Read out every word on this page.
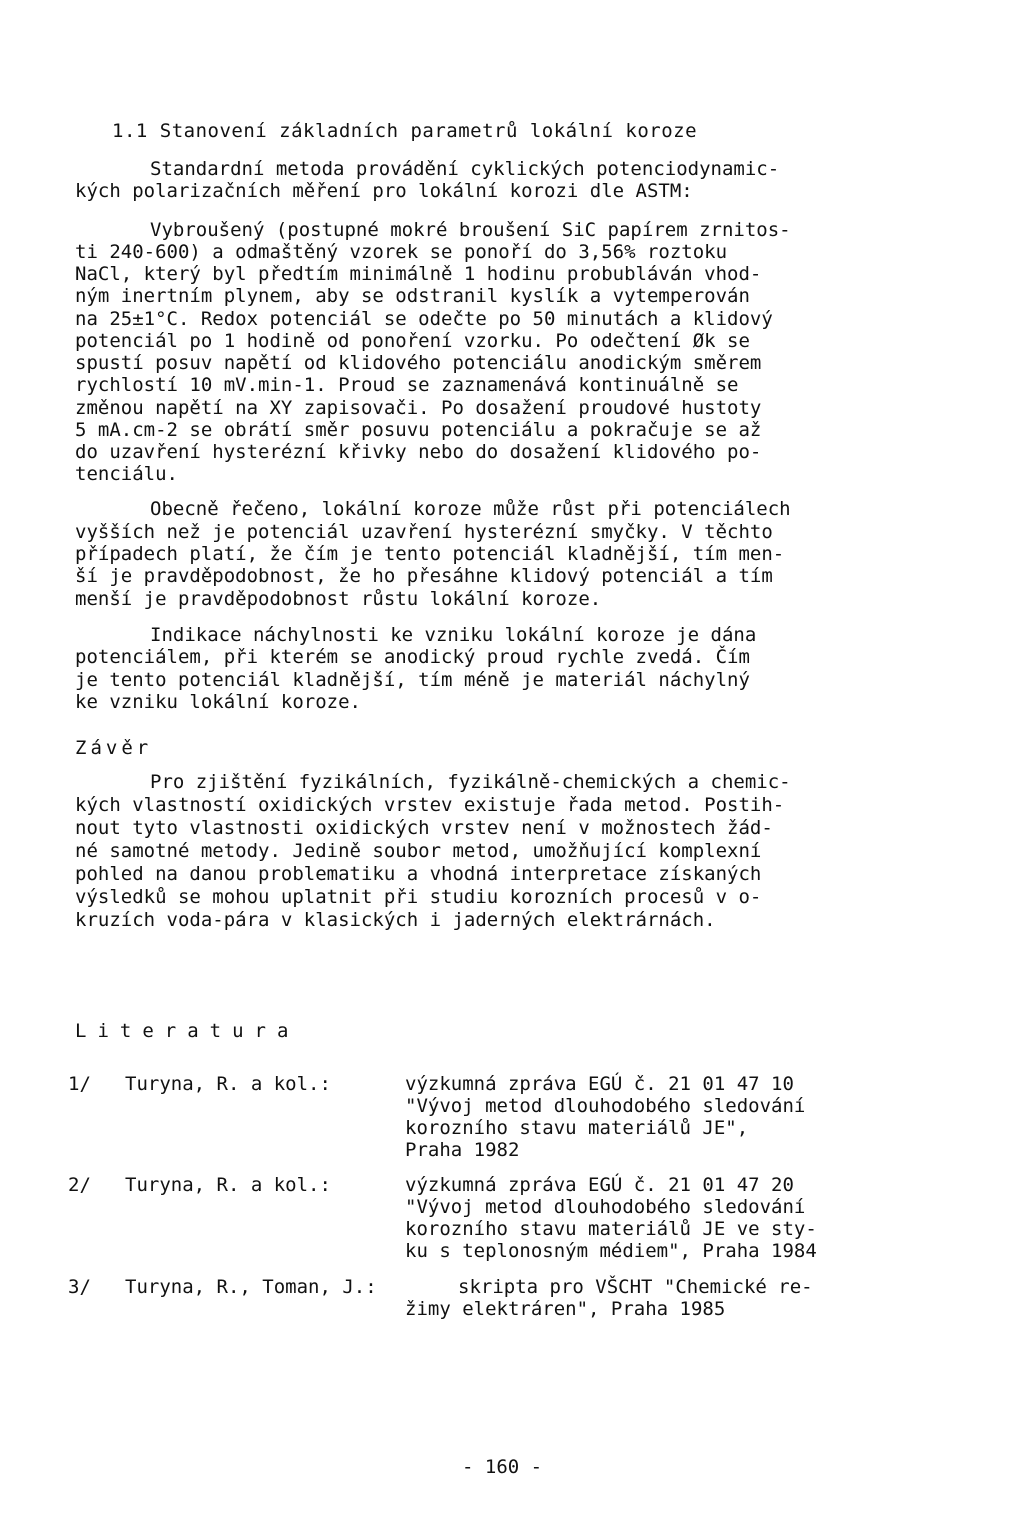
1.1 Stanovení základních parametrů lokální koroze
Standardní metoda provádění cyklických potenciodynamic-
kých polarizačních měření pro lokální korozi dle ASTM:
Vybroušený (postupné mokré broušení SiC papírem zrnitos-
ti 240-600) a odmaštěný vzorek se ponoří do 3,56% roztoku
NaCl, který byl předtím minimálně 1 hodinu probubláván vhod-
ným inertním plynem, aby se odstranil kyslík a vytemperován
na 25±1°C. Redox potenciál se odečte po 50 minutách a klidový
potenciál po 1 hodině od ponoření vzorku. Po odečtení Øk se
spustí posuv napětí od klidového potenciálu anodickým směrem
rychlostí 10 mV.min-1. Proud se zaznamenává kontinuálně se
změnou napětí na XY zapisovači. Po dosažení proudové hustoty
5 mA.cm-2 se obrátí směr posuvu potenciálu a pokračuje se až
do uzavření hysterézní křivky nebo do dosažení klidového po-
tenciálu.
Obecně řečeno, lokální koroze může růst při potenciálech
vyšších než je potenciál uzavření hysterézní smyčky. V těchto
případech platí, že čím je tento potenciál kladnější, tím men-
ší je pravděpodobnost, že ho přesáhne klidový potenciál a tím
menší je pravděpodobnost růstu lokální koroze.
Indikace náchylnosti ke vzniku lokální koroze je dána
potenciálem, při kterém se anodický proud rychle zvedá. Čím
je tento potenciál kladnější, tím méně je materiál náchylný
ke vzniku lokální koroze.
Závěr
Pro zjištění fyzikálních, fyzikálně-chemických a chemic-
kých vlastností oxidických vrstev existuje řada metod. Postih-
nout tyto vlastnosti oxidických vrstev není v možnostech žád-
né samotné metody. Jedině soubor metod, umožňující komplexní
pohled na danou problematiku a vhodná interpretace získaných
výsledků se mohou uplatnit při studiu korozních procesů v o-
kruzích voda-pára v klasických i jaderných elektrárnách.
Literatura
1/ Turyna, R. a kol.:	výzkumná zpráva EGÚ č. 21 01 47 10
"Vývoj metod dlouhodobého sledování
korozního stavu materiálů JE",
Praha 1982
2/ Turyna, R. a kol.:	výzkumná zpráva EGÚ č. 21 01 47 20
"Vývoj metod dlouhodobého sledování
korozního stavu materiálů JE ve sty-
ku s teplonosným médiem", Praha 1984
3/ Turyna, R., Toman, J.:	skripta pro VŠCHT "Chemické re-
žimy elektráren", Praha 1985
- 160 -
